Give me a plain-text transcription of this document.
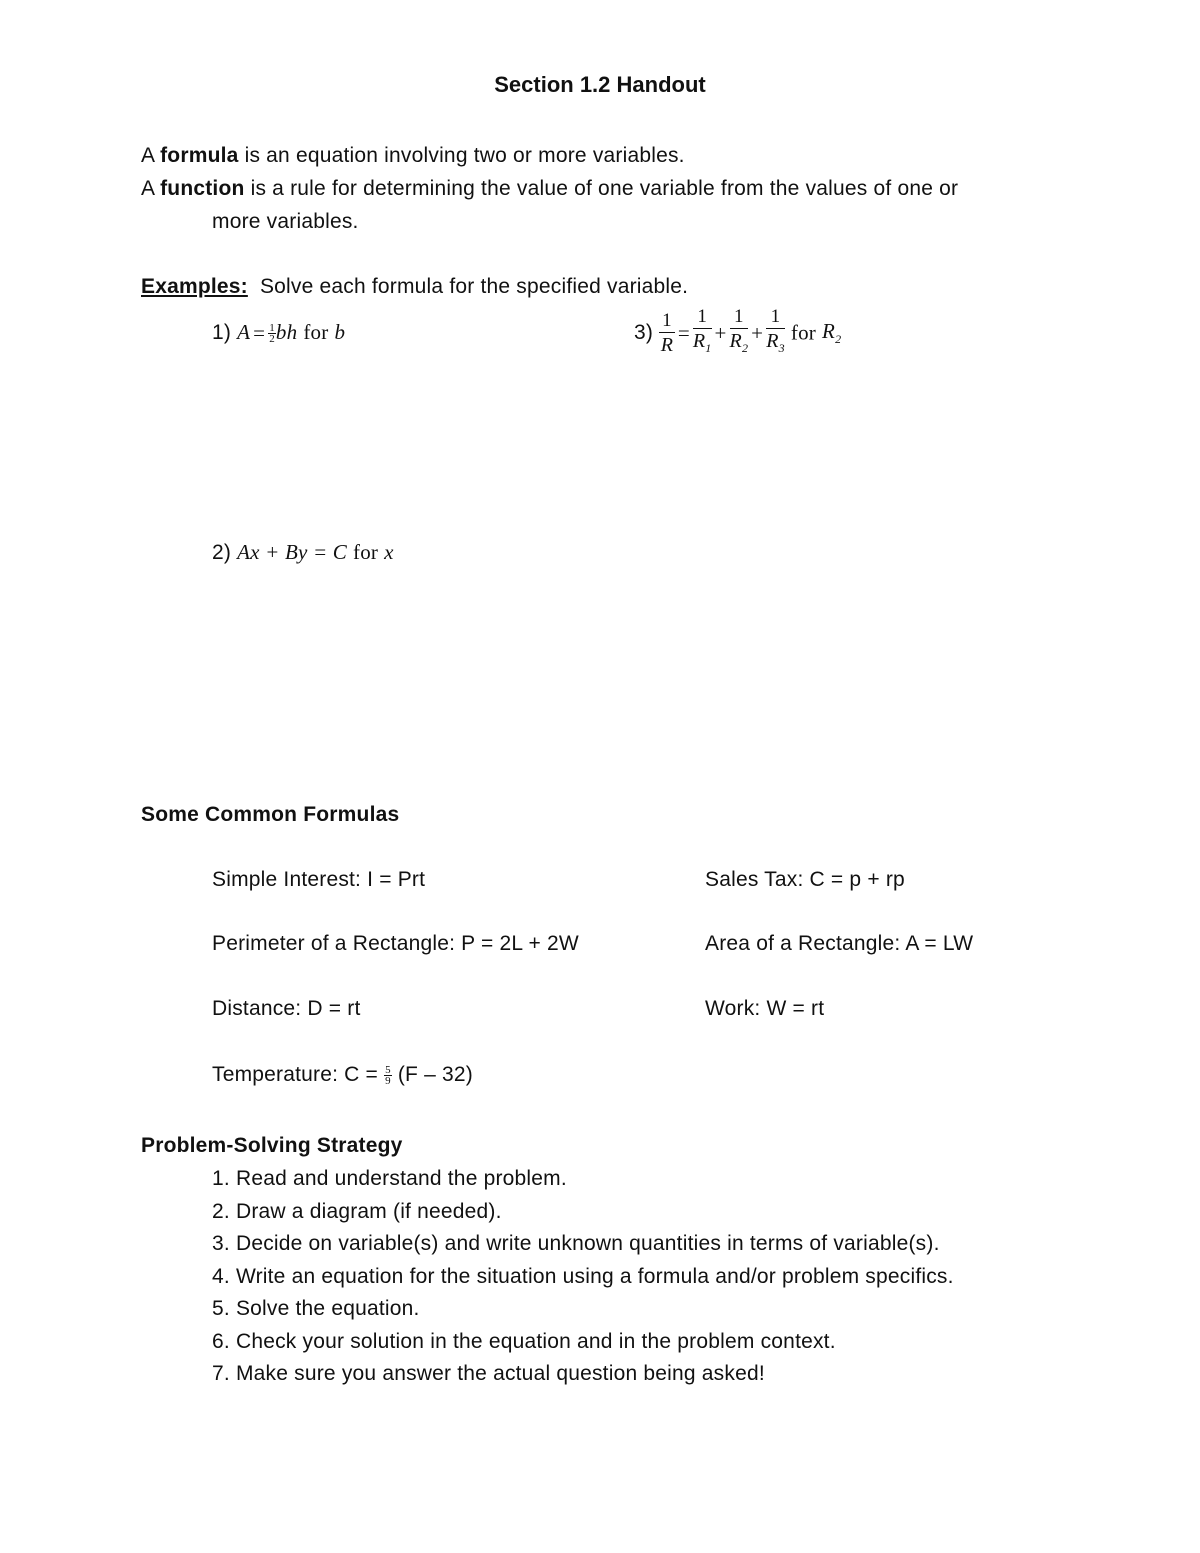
Section 1.2 Handout
A formula is an equation involving two or more variables.
A function is a rule for determining the value of one variable from the values of one or
more variables.
Examples: Solve each formula for the specified variable.
1) $A = \frac{1}{2}$ bh for b	$3) \frac{1}{R} = \frac{1}{R_1} + \frac{1}{R_2} + \frac{1}{R_3}$ for $R_2$
2) Ax + By = C for x
Some Common Formulas
Simple Interest: I = Prt	Sales Tax: C = p + rp
Perimeter of a Rectangle: P = 2L + 2W	Area of a Rectangle: A = LW
Distance: D = rt	Work: W = rt
Temperature: $C = \frac{5}{9} (F - 32)$
Problem-Solving Strategy
1. Read and understand the problem.
2. Draw a diagram (if needed).
3. Decide on variable(s) and write unknown quantities in terms of variable(s).
4. Write an equation for the situation using a formula and/or problem specifics.
5. Solve the equation.
6. Check your solution in the equation and in the problem context.
7. Make sure you answer the actual question being asked!
